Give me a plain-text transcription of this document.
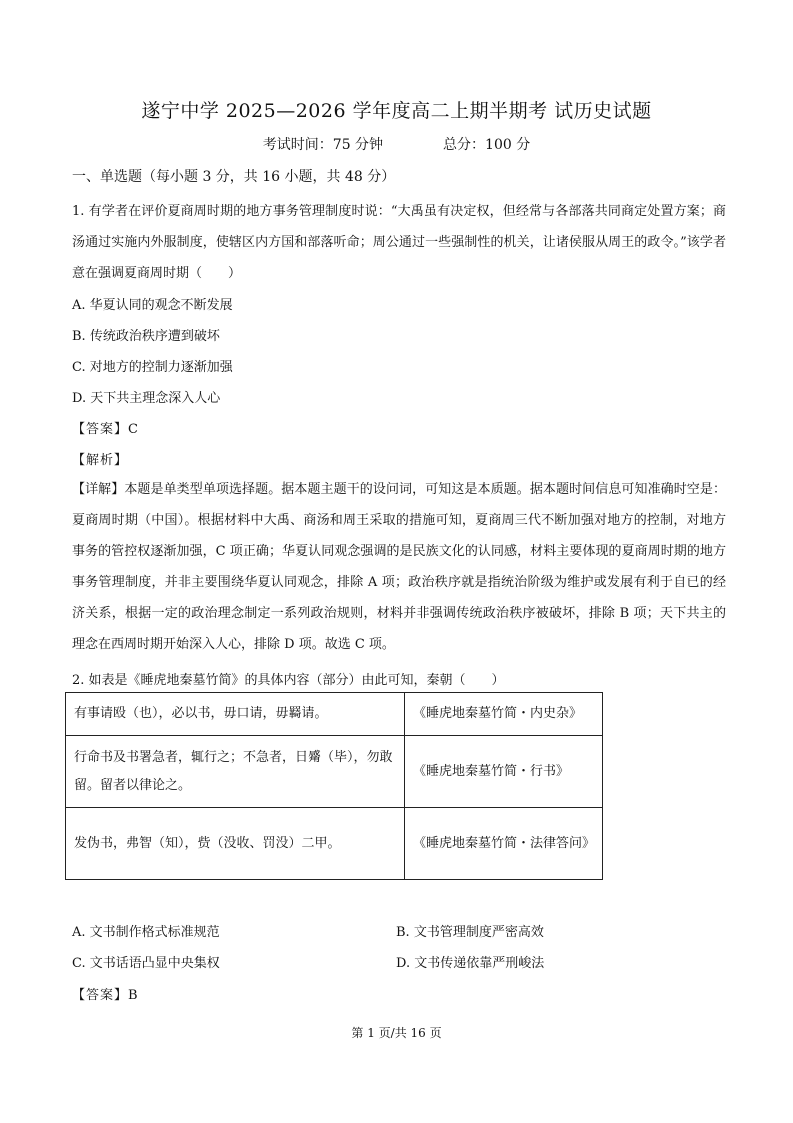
遂宁中学 2025—2026 学年度高二上期半期考 试历史试题
考试时间：75 分钟	总分：100 分
一、单选题（每小题 3 分，共 16 小题，共 48 分）
1. 有学者在评价夏商周时期的地方事务管理制度时说：“大禹虽有决定权，但经常与各部落共同商定处置方案；商汤通过实施内外服制度，使辖区内方国和部落听命；周公通过一些强制性的机关，让诸侯服从周王的政令。”该学者意在强调夏商周时期（　　）
A. 华夏认同的观念不断发展
B. 传统政治秩序遭到破坏
C. 对地方的控制力逐渐加强
D. 天下共主理念深入人心
【答案】C
【解析】
【详解】本题是单类型单项选择题。据本题主题干的设问词，可知这是本质题。据本题时间信息可知准确时空是：夏商周时期（中国）。根据材料中大禹、商汤和周王采取的措施可知，夏商周三代不断加强对地方的控制，对地方事务的管控权逐渐加强，C 项正确；华夏认同观念强调的是民族文化的认同感，材料主要体现的夏商周时期的地方事务管理制度，并非主要围绕华夏认同观念，排除 A 项；政治秩序就是指统治阶级为维护或发展有利于自已的经济关系，根据一定的政治理念制定一系列政治规则，材料并非强调传统政治秩序被破坏，排除 B 项；天下共主的理念在西周时期开始深入人心，排除 D 项。故选 C 项。
2. 如表是《睡虎地秦墓竹简》的具体内容（部分）由此可知，秦朝（　　）
有事请殴（也），必以书，毋口请，毋羇请。	《睡虎地秦墓竹简・内史杂》
行命书及书署急者，辄行之；不急者，日觱（毕），勿敢留。留者以律论之。	《睡虎地秦墓竹简・行书》
发伪书，弗智（知），赀（没收、罚没）二甲。	《睡虎地秦墓竹简・法律答问》
A. 文书制作格式标准规范	B. 文书管理制度严密高效
C. 文书话语凸显中央集权	D. 文书传递依靠严刑峻法
【答案】B
第 1 页/共 16 页
